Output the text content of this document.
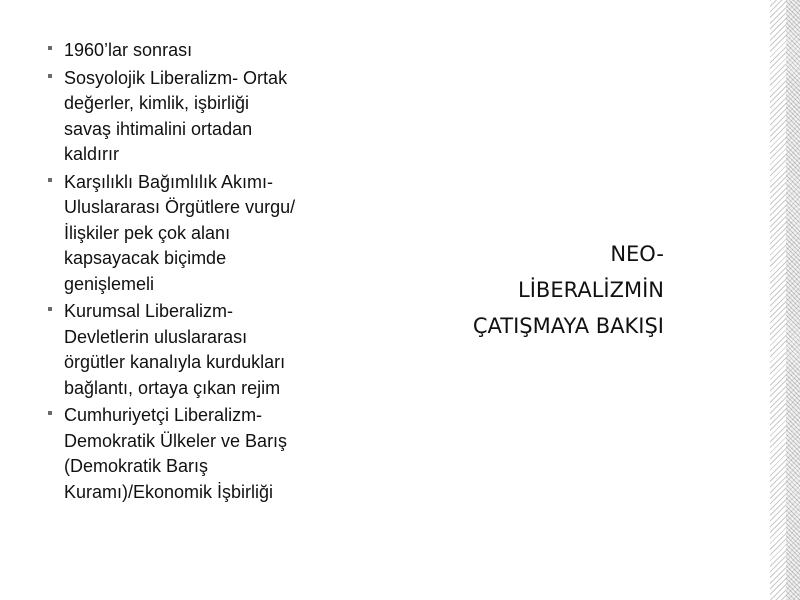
1960’lar sonrası
Sosyolojik Liberalizm- Ortak
değerler, kimlik, işbirliği
savaş ihtimalini ortadan
kaldırır
Karşılıklı Bağımlılık Akımı-
Uluslararası Örgütlere vurgu/
İlişkiler pek çok alanı
kapsayacak biçimde
genişlemeli
Kurumsal Liberalizm-
Devletlerin uluslararası
örgütler kanalıyla kurdukları
bağlantı, ortaya çıkan rejim
Cumhuriyetçi Liberalizm-
Demokratik Ülkeler ve Barış
(Demokratik Barış
Kuramı)/Ekonomik İşbirliği
NEO-
LİBERALİZMİN
ÇATIŞMAYA BAKIŞI
